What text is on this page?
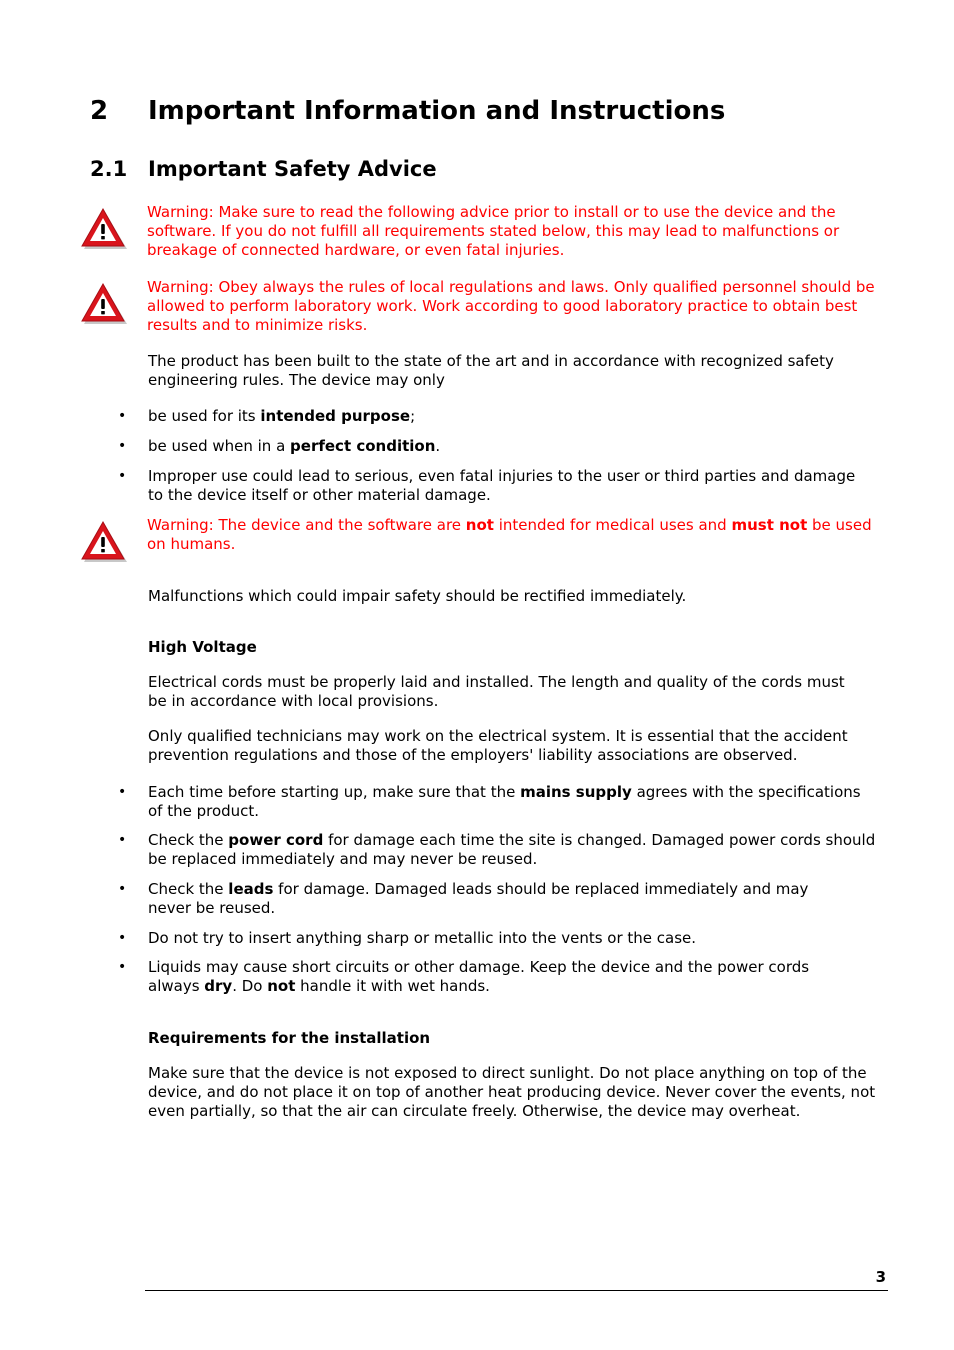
2 Important Information and Instructions
2.1 Important Safety Advice
Warning: Make sure to read the following advice prior to install or to use the device and the software. If you do not fulfill all requirements stated below, this may lead to malfunctions or breakage of connected hardware, or even fatal injuries.
Warning: Obey always the rules of local regulations and laws. Only qualified personnel should be allowed to perform laboratory work. Work according to good laboratory practice to obtain best results and to minimize risks.
The product has been built to the state of the art and in accordance with recognized safety engineering rules. The device may only
• be used for its intended purpose;
• be used when in a perfect condition.
• Improper use could lead to serious, even fatal injuries to the user or third parties and damage to the device itself or other material damage.
Warning: The device and the software are not intended for medical uses and must not be used on humans.
Malfunctions which could impair safety should be rectified immediately.
High Voltage
Electrical cords must be properly laid and installed. The length and quality of the cords must be in accordance with local provisions.
Only qualified technicians may work on the electrical system. It is essential that the accident prevention regulations and those of the employers' liability associations are observed.
• Each time before starting up, make sure that the mains supply agrees with the specifications of the product.
• Check the power cord for damage each time the site is changed. Damaged power cords should be replaced immediately and may never be reused.
• Check the leads for damage. Damaged leads should be replaced immediately and may never be reused.
• Do not try to insert anything sharp or metallic into the vents or the case.
• Liquids may cause short circuits or other damage. Keep the device and the power cords always dry. Do not handle it with wet hands.
Requirements for the installation
Make sure that the device is not exposed to direct sunlight. Do not place anything on top of the device, and do not place it on top of another heat producing device. Never cover the events, not even partially, so that the air can circulate freely. Otherwise, the device may overheat.
3
